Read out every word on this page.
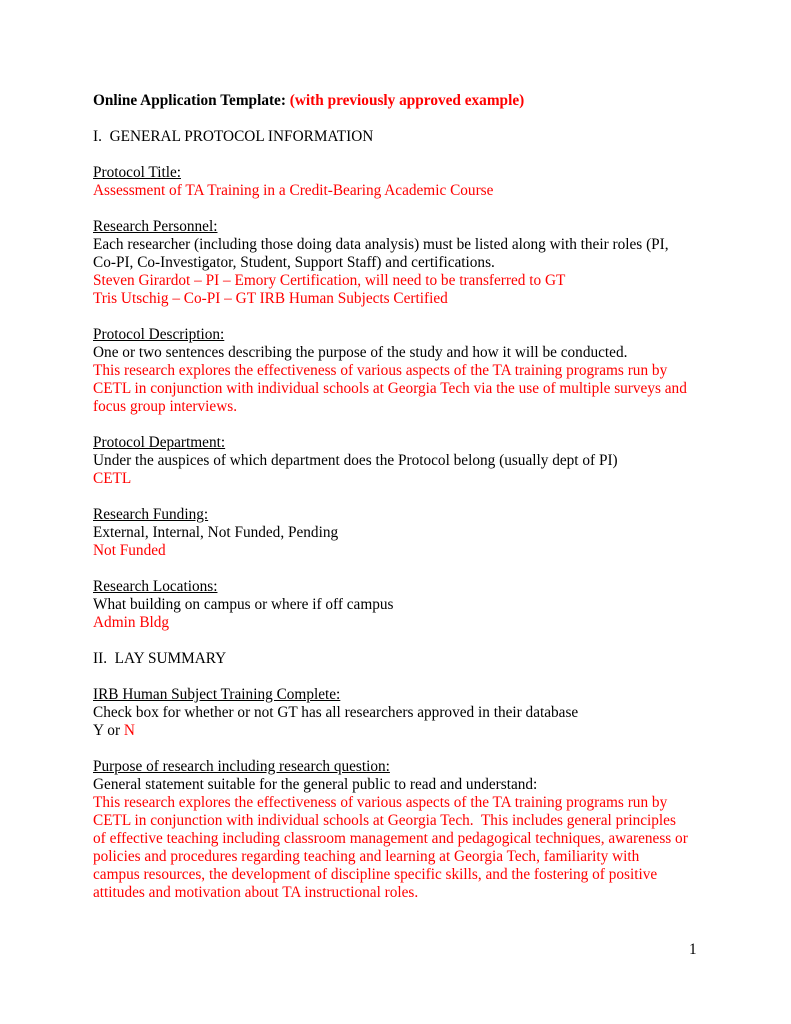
Online Application Template: (with previously approved example)
I.  GENERAL PROTOCOL INFORMATION
Protocol Title:
Assessment of TA Training in a Credit-Bearing Academic Course
Research Personnel:
Each researcher (including those doing data analysis) must be listed along with their roles (PI,
Co-PI, Co-Investigator, Student, Support Staff) and certifications.
Steven Girardot – PI – Emory Certification, will need to be transferred to GT
Tris Utschig – Co-PI – GT IRB Human Subjects Certified
Protocol Description:
One or two sentences describing the purpose of the study and how it will be conducted.
This research explores the effectiveness of various aspects of the TA training programs run by
CETL in conjunction with individual schools at Georgia Tech via the use of multiple surveys and
focus group interviews.
Protocol Department:
Under the auspices of which department does the Protocol belong (usually dept of PI)
CETL
Research Funding:
External, Internal, Not Funded, Pending
Not Funded
Research Locations:
What building on campus or where if off campus
Admin Bldg
II.  LAY SUMMARY
IRB Human Subject Training Complete:
Check box for whether or not GT has all researchers approved in their database
Y or N
Purpose of research including research question:
General statement suitable for the general public to read and understand:
This research explores the effectiveness of various aspects of the TA training programs run by
CETL in conjunction with individual schools at Georgia Tech.  This includes general principles
of effective teaching including classroom management and pedagogical techniques, awareness or
policies and procedures regarding teaching and learning at Georgia Tech, familiarity with
campus resources, the development of discipline specific skills, and the fostering of positive
attitudes and motivation about TA instructional roles.
1
